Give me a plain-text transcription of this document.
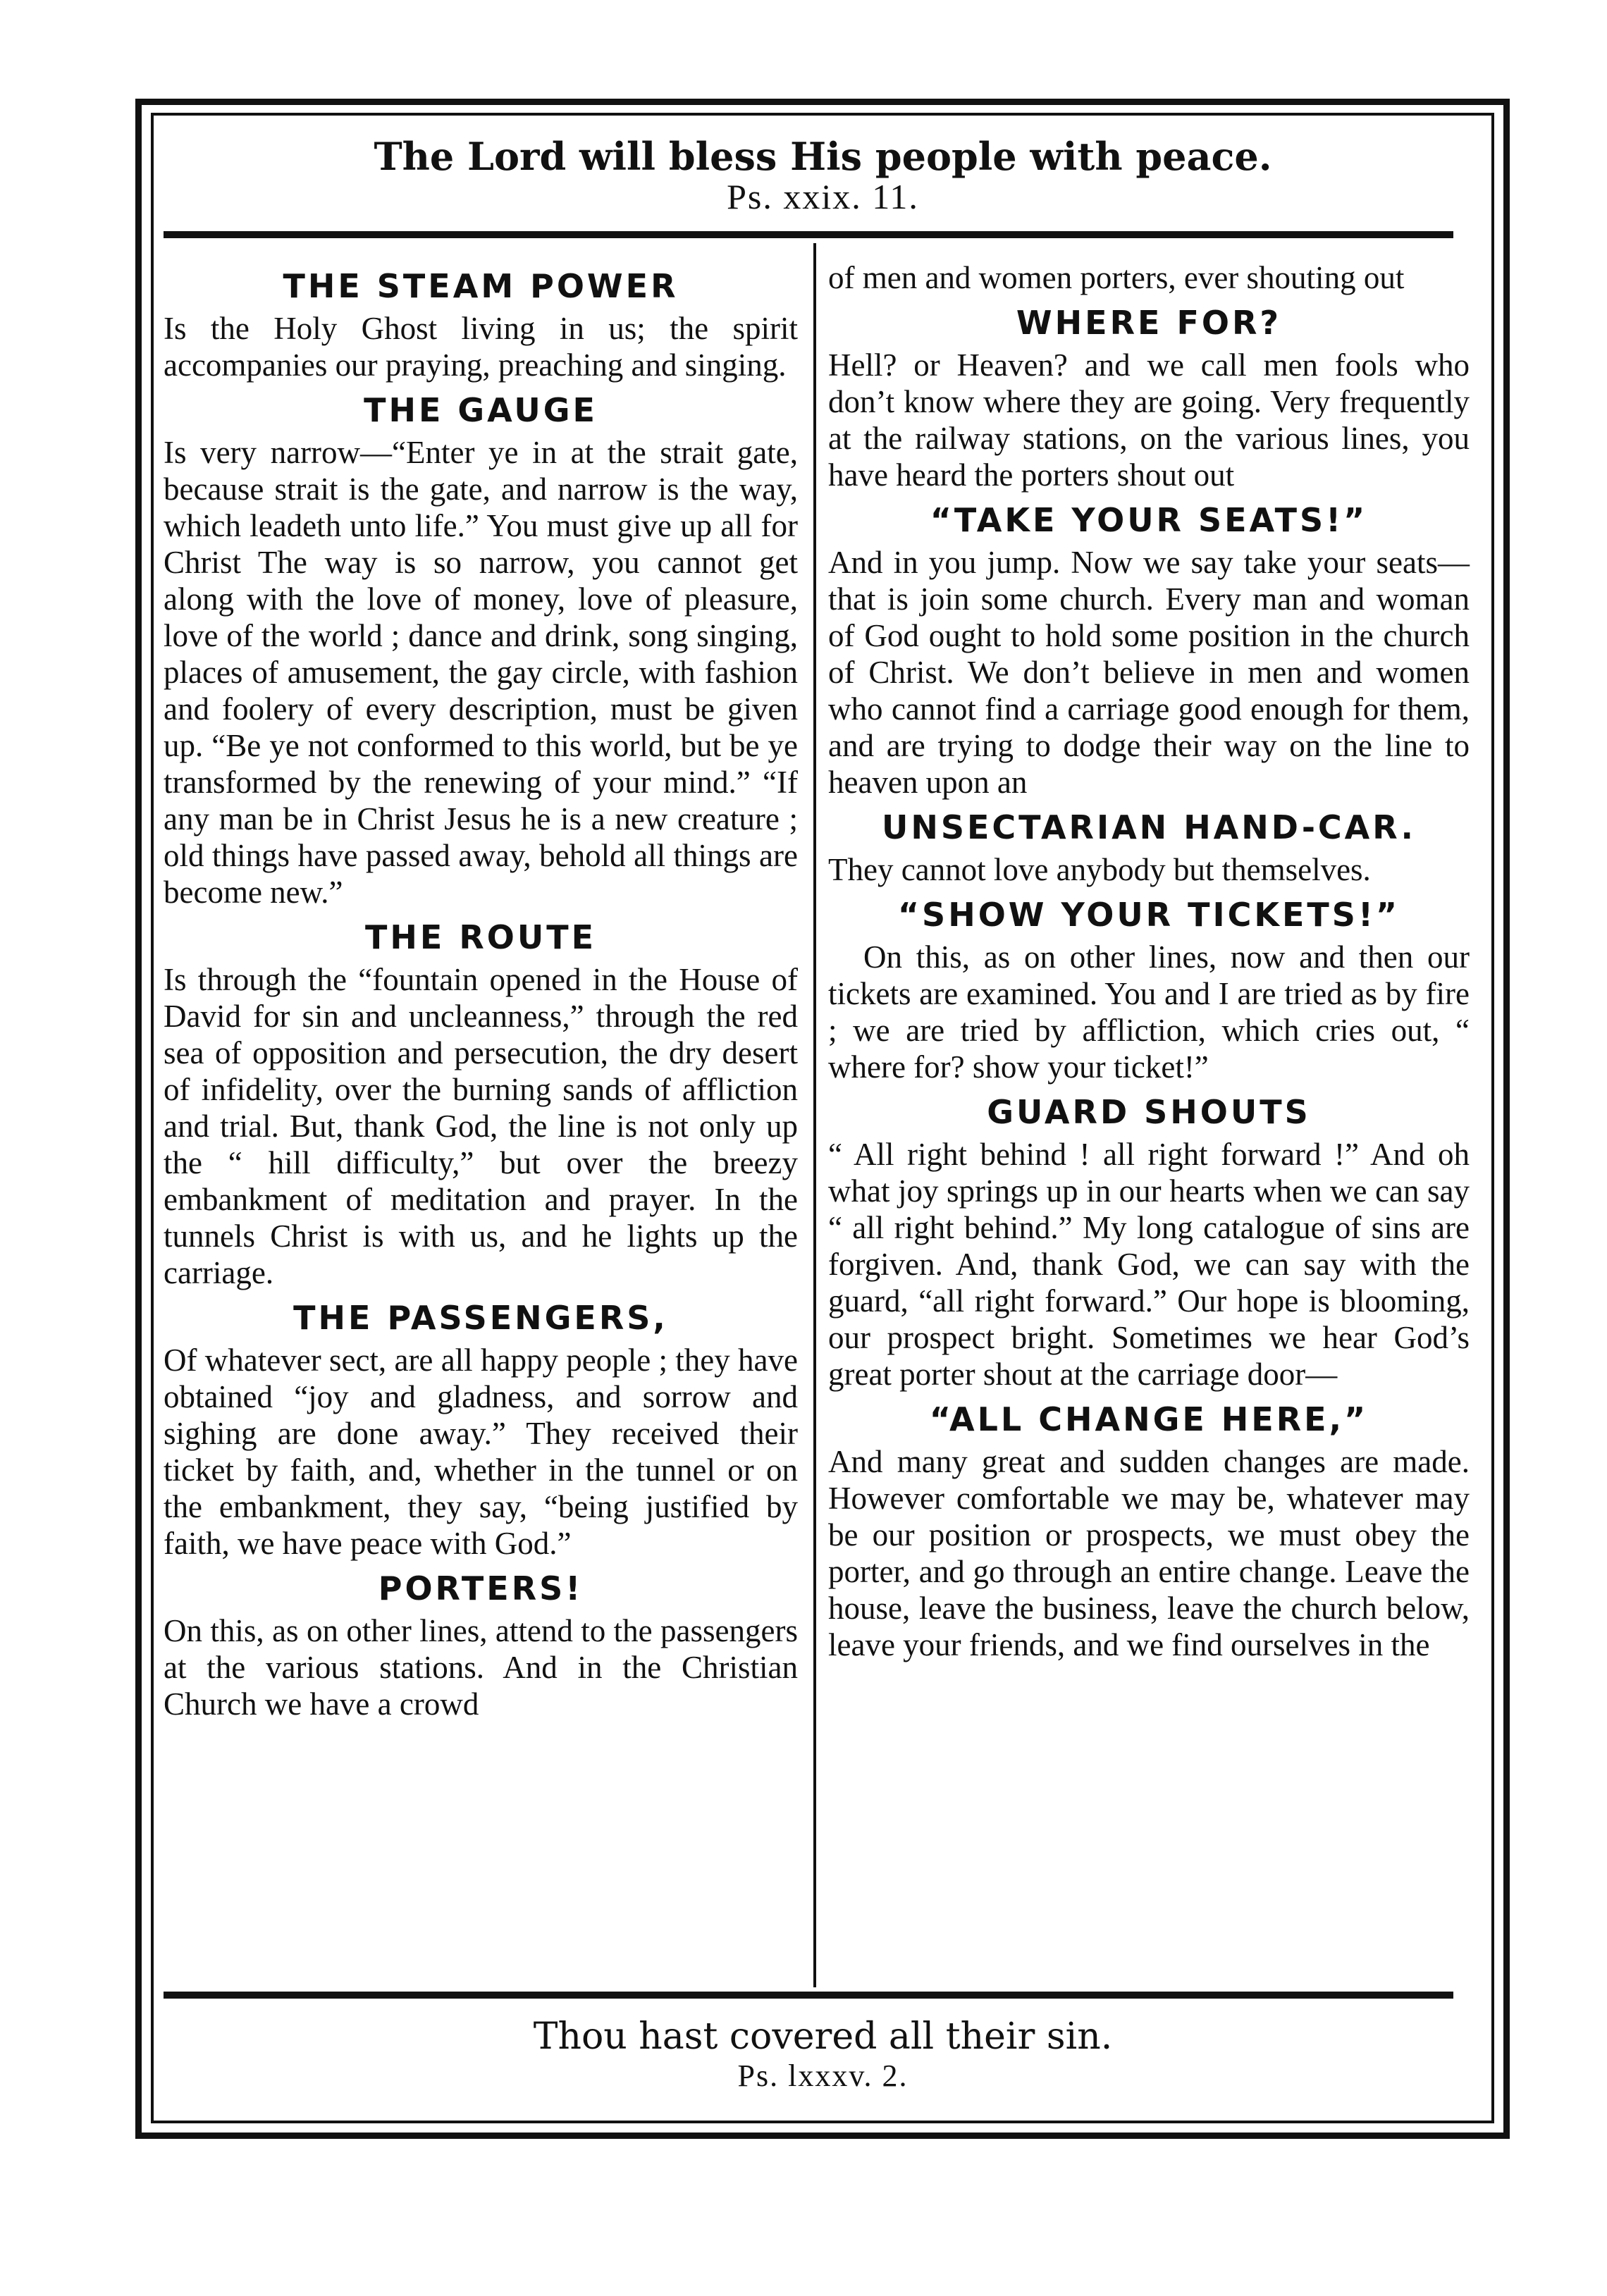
The Lord will bless His people with peace.
Ps. xxix. 11.
THE STEAM POWER
Is the Holy Ghost living in us; the spirit accompanies our praying, preaching and singing.
THE GAUGE
Is very narrow—“Enter ye in at the strait gate, because strait is the gate, and narrow is the way, which leadeth unto life.” You must give up all for Christ The way is so narrow, you cannot get along with the love of money, love of pleasure, love of the world ; dance and drink, song singing, places of amusement, the gay circle, with fashion and foolery of every description, must be given up. “Be ye not conformed to this world, but be ye transformed by the renewing of your mind.” “If any man be in Christ Jesus he is a new creature ; old things have passed away, behold all things are become new.”
THE ROUTE
Is through the “fountain opened in the House of David for sin and uncleanness,” through the red sea of opposition and persecution, the dry desert of infidelity, over the burning sands of affliction and trial. But, thank God, the line is not only up the “ hill difficulty,” but over the breezy embankment of meditation and prayer. In the tunnels Christ is with us, and he lights up the carriage.
THE PASSENGERS,
Of whatever sect, are all happy people ; they have obtained “joy and gladness, and sorrow and sighing are done away.” They received their ticket by faith, and, whether in the tunnel or on the embankment, they say, “being justified by faith, we have peace with God.”
PORTERS!
On this, as on other lines, attend to the passengers at the various stations. And in the Christian Church we have a crowd
of men and women porters, ever shouting out
WHERE FOR?
Hell? or Heaven? and we call men fools who don’t know where they are going. Very frequently at the railway stations, on the various lines, you have heard the porters shout out
“TAKE YOUR SEATS!”
And in you jump. Now we say take your seats—that is join some church. Every man and woman of God ought to hold some position in the church of Christ. We don’t believe in men and women who cannot find a carriage good enough for them, and are trying to dodge their way on the line to heaven upon an
UNSECTARIAN HAND-CAR.
They cannot love anybody but themselves.
“SHOW YOUR TICKETS!”
On this, as on other lines, now and then our tickets are examined. You and I are tried as by fire ; we are tried by affliction, which cries out, “ where for? show your ticket!”
GUARD SHOUTS
“ All right behind ! all right forward !” And oh what joy springs up in our hearts when we can say “ all right behind.” My long catalogue of sins are forgiven. And, thank God, we can say with the guard, “all right forward.” Our hope is blooming, our prospect bright. Sometimes we hear God’s great porter shout at the carriage door—
“ALL CHANGE HERE,”
And many great and sudden changes are made. However comfortable we may be, whatever may be our position or prospects, we must obey the porter, and go through an entire change. Leave the house, leave the business, leave the church below, leave your friends, and we find ourselves in the
Thou hast covered all their sin.
Ps. lxxxv. 2.
